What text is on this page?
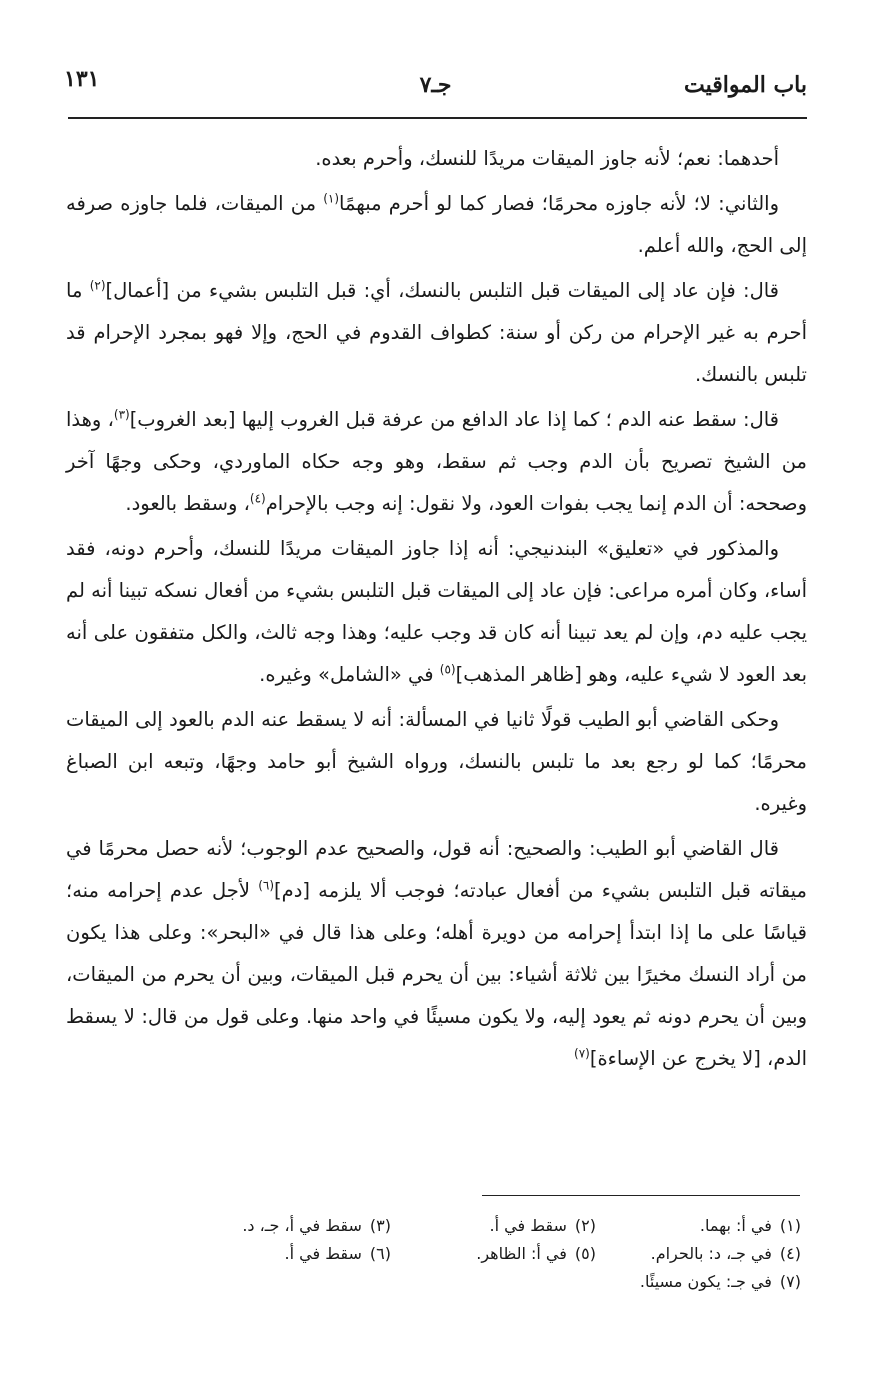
باب المواقيت
جـ٧
١٣١

أحدهما: نعم؛ لأنه جاوز الميقات مريدًا للنسك، وأحرم بعده.

والثاني: لا؛ لأنه جاوزه محرمًا؛ فصار كما لو أحرم مبهمًا$^{(١)}$ من الميقات، فلما جاوزه صرفه إلى الحج، والله أعلم.

قال: فإن عاد إلى الميقات قبل التلبس بالنسك، أي: قبل التلبس بشيء من [أعمال]$^{(٢)}$ ما أحرم به غير الإحرام من ركن أو سنة: كطواف القدوم في الحج، وإلا فهو بمجرد الإحرام قد تلبس بالنسك.

قال: سقط عنه الدم ؛ كما إذا عاد الدافع من عرفة قبل الغروب إليها [بعد الغروب]$^{(٣)}$، وهذا من الشيخ تصريح بأن الدم وجب ثم سقط، وهو وجه حكاه الماوردي، وحكى وجهًا آخر وصححه: أن الدم إنما يجب بفوات العود، ولا نقول: إنه وجب بالإحرام$^{(٤)}$، وسقط بالعود.

والمذكور في «تعليق» البندنيجي: أنه إذا جاوز الميقات مريدًا للنسك، وأحرم دونه، فقد أساء، وكان أمره مراعى: فإن عاد إلى الميقات قبل التلبس بشيء من أفعال نسكه تبينا أنه لم يجب عليه دم، وإن لم يعد تبينا أنه كان قد وجب عليه؛ وهذا وجه ثالث، والكل متفقون على أنه بعد العود لا شيء عليه، وهو [ظاهر المذهب]$^{(٥)}$ في «الشامل» وغيره.

وحكى القاضي أبو الطيب قولًا ثانيا في المسألة: أنه لا يسقط عنه الدم بالعود إلى الميقات محرمًا؛ كما لو رجع بعد ما تلبس بالنسك، ورواه الشيخ أبو حامد وجهًا، وتبعه ابن الصباغ وغيره.

قال القاضي أبو الطيب: والصحيح: أنه قول، والصحيح عدم الوجوب؛ لأنه حصل محرمًا في ميقاته قبل التلبس بشيء من أفعال عبادته؛ فوجب ألا يلزمه [دم]$^{(٦)}$ لأجل عدم إحرامه منه؛ قياسًا على ما إذا ابتدأ إحرامه من دويرة أهله؛ وعلى هذا قال في «البحر»: وعلى هذا يكون من أراد النسك مخيرًا بين ثلاثة أشياء: بين أن يحرم قبل الميقات، وبين أن يحرم من الميقات، وبين أن يحرم دونه ثم يعود إليه، ولا يكون مسيئًا في واحد منها. وعلى قول من قال: لا يسقط الدم، [لا يخرج عن الإساءة]$^{(٧)}$

(١)في أ: بهما.
(٢)سقط في أ.
(٣)سقط في أ، جـ، د.
(٤)في جـ، د: بالحرام.
(٥)في أ: الظاهر.
(٦)سقط في أ.
(٧)في جـ: يكون مسيئًا.
